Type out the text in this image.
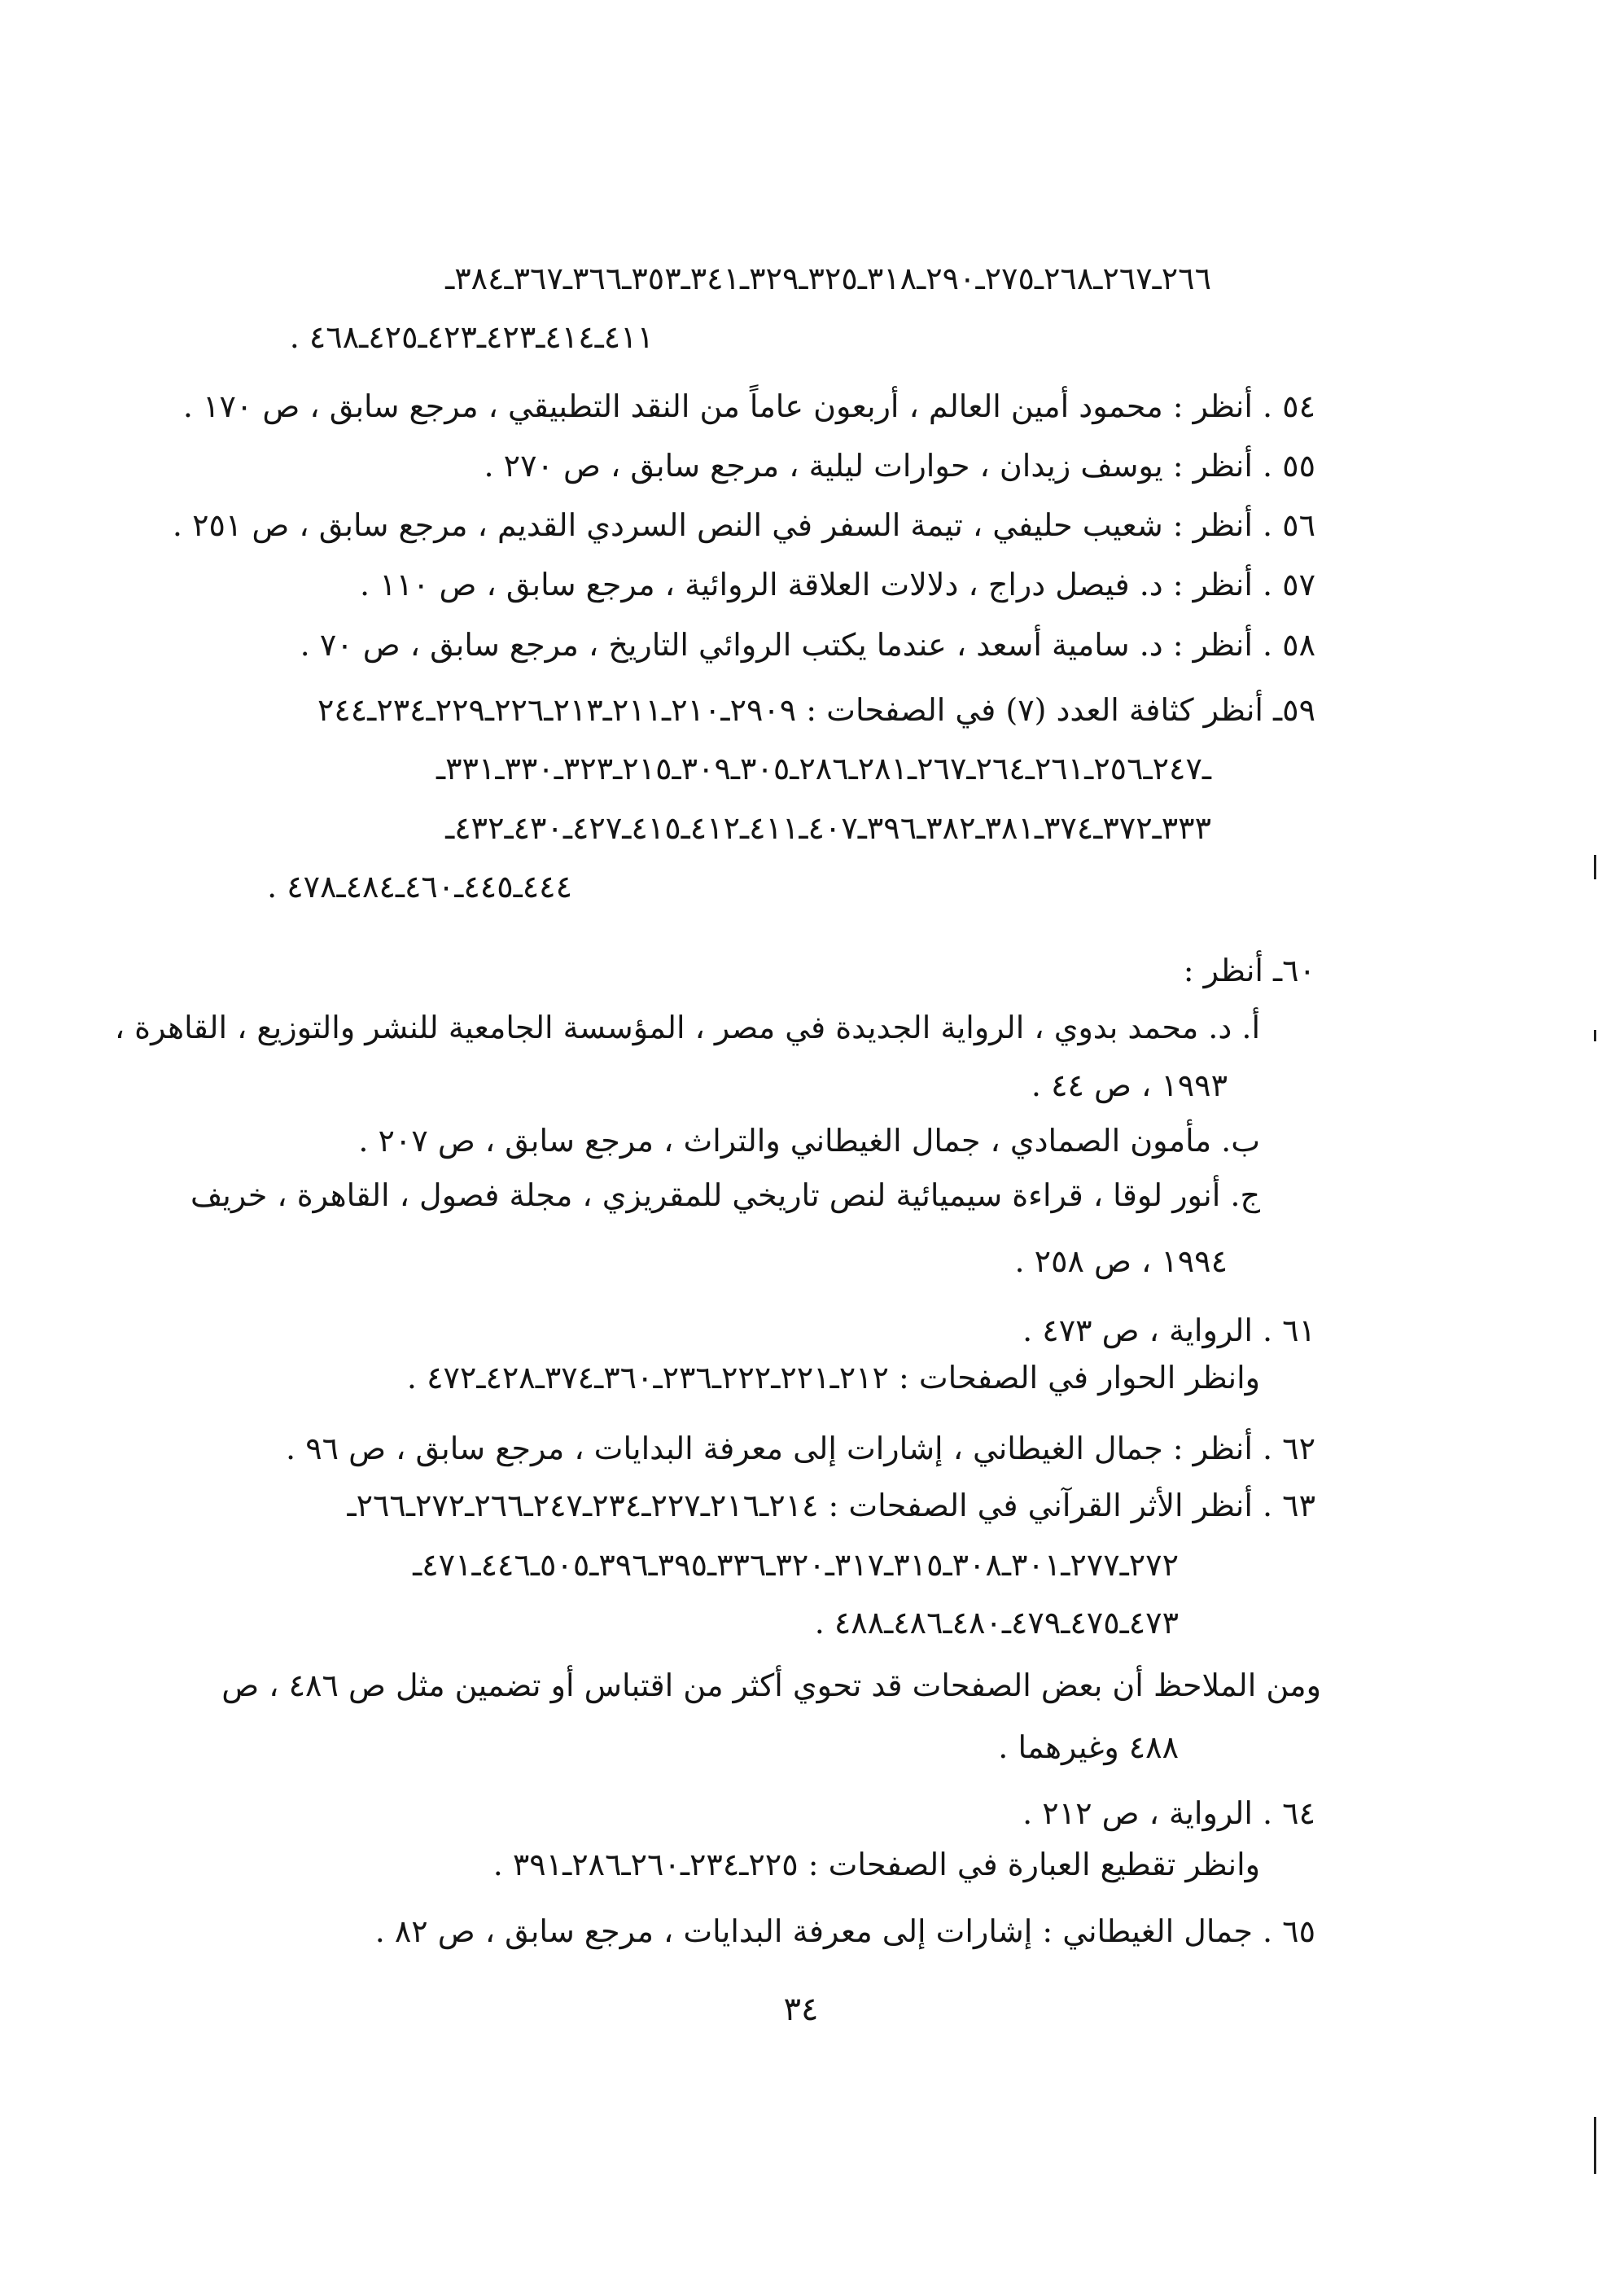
٢٦٦ـ٢٦٧ـ٢٦٨ـ٢٧٥ـ٢٩٠ـ٣١٨ـ٣٢٥ـ٣٢٩ـ٣٤١ـ٣٥٣ـ٣٦٦ـ٣٦٧ـ٣٨٤ـ
٤١١ـ٤١٤ـ٤٢٣ـ٤٢٣ـ٤٢٥ـ٤٦٨ .
٥٤ . أنظر : محمود أمين العالم ، أربعون عاماً من النقد التطبيقي ، مرجع سابق ، ص ١٧٠ .
٥٥ . أنظر : يوسف زيدان ، حوارات ليلية ، مرجع سابق ، ص ٢٧٠ .
٥٦ . أنظر : شعيب حليفي ، تيمة السفر في النص السردي القديم ، مرجع سابق ، ص ٢٥١ .
٥٧ . أنظر : د. فيصل دراج ، دلالات العلاقة الروائية ، مرجع سابق ، ص ١١٠ .
٥٨ . أنظر : د. سامية أسعد ، عندما يكتب الروائي التاريخ ، مرجع سابق ، ص ٧٠ .
٥٩ـ أنظر كثافة العدد (٧) في الصفحات : ٢٩٠٩ـ٢١٠ـ٢١١ـ٢١٣ـ٢٢٦ـ٢٢٩ـ٢٣٤ـ٢٤٤
ـ٢٤٧ـ٢٥٦ـ٢٦١ـ٢٦٤ـ٢٦٧ـ٢٨١ـ٢٨٦ـ٣٠٥ـ٣٠٩ـ٢١٥ـ٣٢٣ـ٣٣٠ـ٣٣١ـ
٣٣٣ـ٣٧٢ـ٣٧٤ـ٣٨١ـ٣٨٢ـ٣٩٦ـ٤٠٧ـ٤١١ـ٤١٢ـ٤١٥ـ٤٢٧ـ٤٣٠ـ٤٣٢ـ
٤٤٤ـ٤٤٥ـ٤٦٠ـ٤٨٤ـ٤٧٨ .
٦٠ـ أنظر :
أ. د. محمد بدوي ، الرواية الجديدة في مصر ، المؤسسة الجامعية للنشر والتوزيع ، القاهرة ،
١٩٩٣ ، ص ٤٤ .
ب. مأمون الصمادي ، جمال الغيطاني والتراث ، مرجع سابق ، ص ٢٠٧ .
ج. أنور لوقا ، قراءة سيميائية لنص تاريخي للمقريزي ، مجلة فصول ، القاهرة ، خريف
١٩٩٤ ، ص ٢٥٨ .
٦١ . الرواية ، ص ٤٧٣ .
وانظر الحوار في الصفحات : ٢١٢ـ٢٢١ـ٢٢٢ـ٢٣٦ـ٣٦٠ـ٣٧٤ـ٤٢٨ـ٤٧٢ .
٦٢ . أنظر : جمال الغيطاني ، إشارات إلى معرفة البدايات ، مرجع سابق ، ص ٩٦ .
٦٣ . أنظر الأثر القرآني في الصفحات : ٢١٤ـ٢١٦ـ٢٢٧ـ٢٣٤ـ٢٤٧ـ٢٦٦ـ٢٧٢ـ٢٦٦ـ
٢٧٢ـ٢٧٧ـ٣٠١ـ٣٠٨ـ٣١٥ـ٣١٧ـ٣٢٠ـ٣٣٦ـ٣٩٥ـ٣٩٦ـ٥٠٥ـ٤٤٦ـ٤٧١ـ
٤٧٣ـ٤٧٥ـ٤٧٩ـ٤٨٠ـ٤٨٦ـ٤٨٨ .
ومن الملاحظ أن بعض الصفحات قد تحوي أكثر من اقتباس أو تضمين مثل ص ٤٨٦ ، ص
٤٨٨ وغيرهما .
٦٤ . الرواية ، ص ٢١٢ .
وانظر تقطيع العبارة في الصفحات : ٢٢٥ـ٢٣٤ـ٢٦٠ـ٢٨٦ـ٣٩١ .
٦٥ . جمال الغيطاني : إشارات إلى معرفة البدايات ، مرجع سابق ، ص ٨٢ .
٣٤
